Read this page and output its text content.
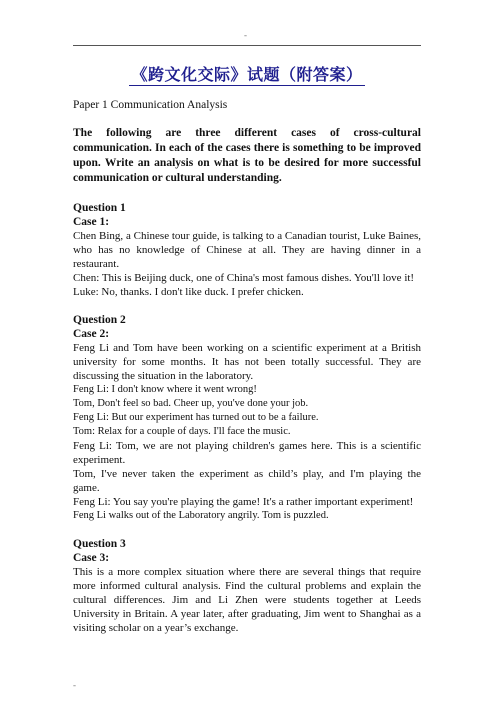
-
《跨文化交际》试题（附答案）
Paper 1 Communication Analysis
The following are three different cases of cross-cultural communication. In each of the cases there is something to be improved upon. Write an analysis on what is to be desired for more successful communication or cultural understanding.
Question 1
Case 1:

Chen Bing, a Chinese tour guide, is talking to a Canadian tourist, Luke Baines, who has no knowledge of Chinese at all. They are having dinner in a restaurant.

Chen: This is Beijing duck, one of China's most famous dishes. You'll love it!

Luke: No, thanks. I don't like duck. I prefer chicken.

Question 2
Case 2:

Feng Li and Tom have been working on a scientific experiment at a British university for some months. It has not been totally successful. They are discussing the situation in the laboratory.

Feng Li: I don't know where it went wrong!

Tom, Don't feel so bad. Cheer up, you've done your job.

Feng Li: But our experiment has turned out to be a failure.

Tom: Relax for a couple of days. I'll face the music.

Feng Li: Tom, we are not playing children's games here. This is a scientific experiment.

Tom, I've never taken the experiment as child’s play, and I'm playing the game.

Feng Li: You say you're playing the game! It's a rather important experiment!

Feng Li walks out of the Laboratory angrily. Tom is puzzled.

Question 3
Case 3:

This is a more complex situation where there are several things that require more informed cultural analysis. Find the cultural problems and explain the cultural differences. Jim and Li Zhen were students together at Leeds University in Britain. A year later, after graduating, Jim went to Shanghai as a visiting scholar on a year’s exchange.

-
